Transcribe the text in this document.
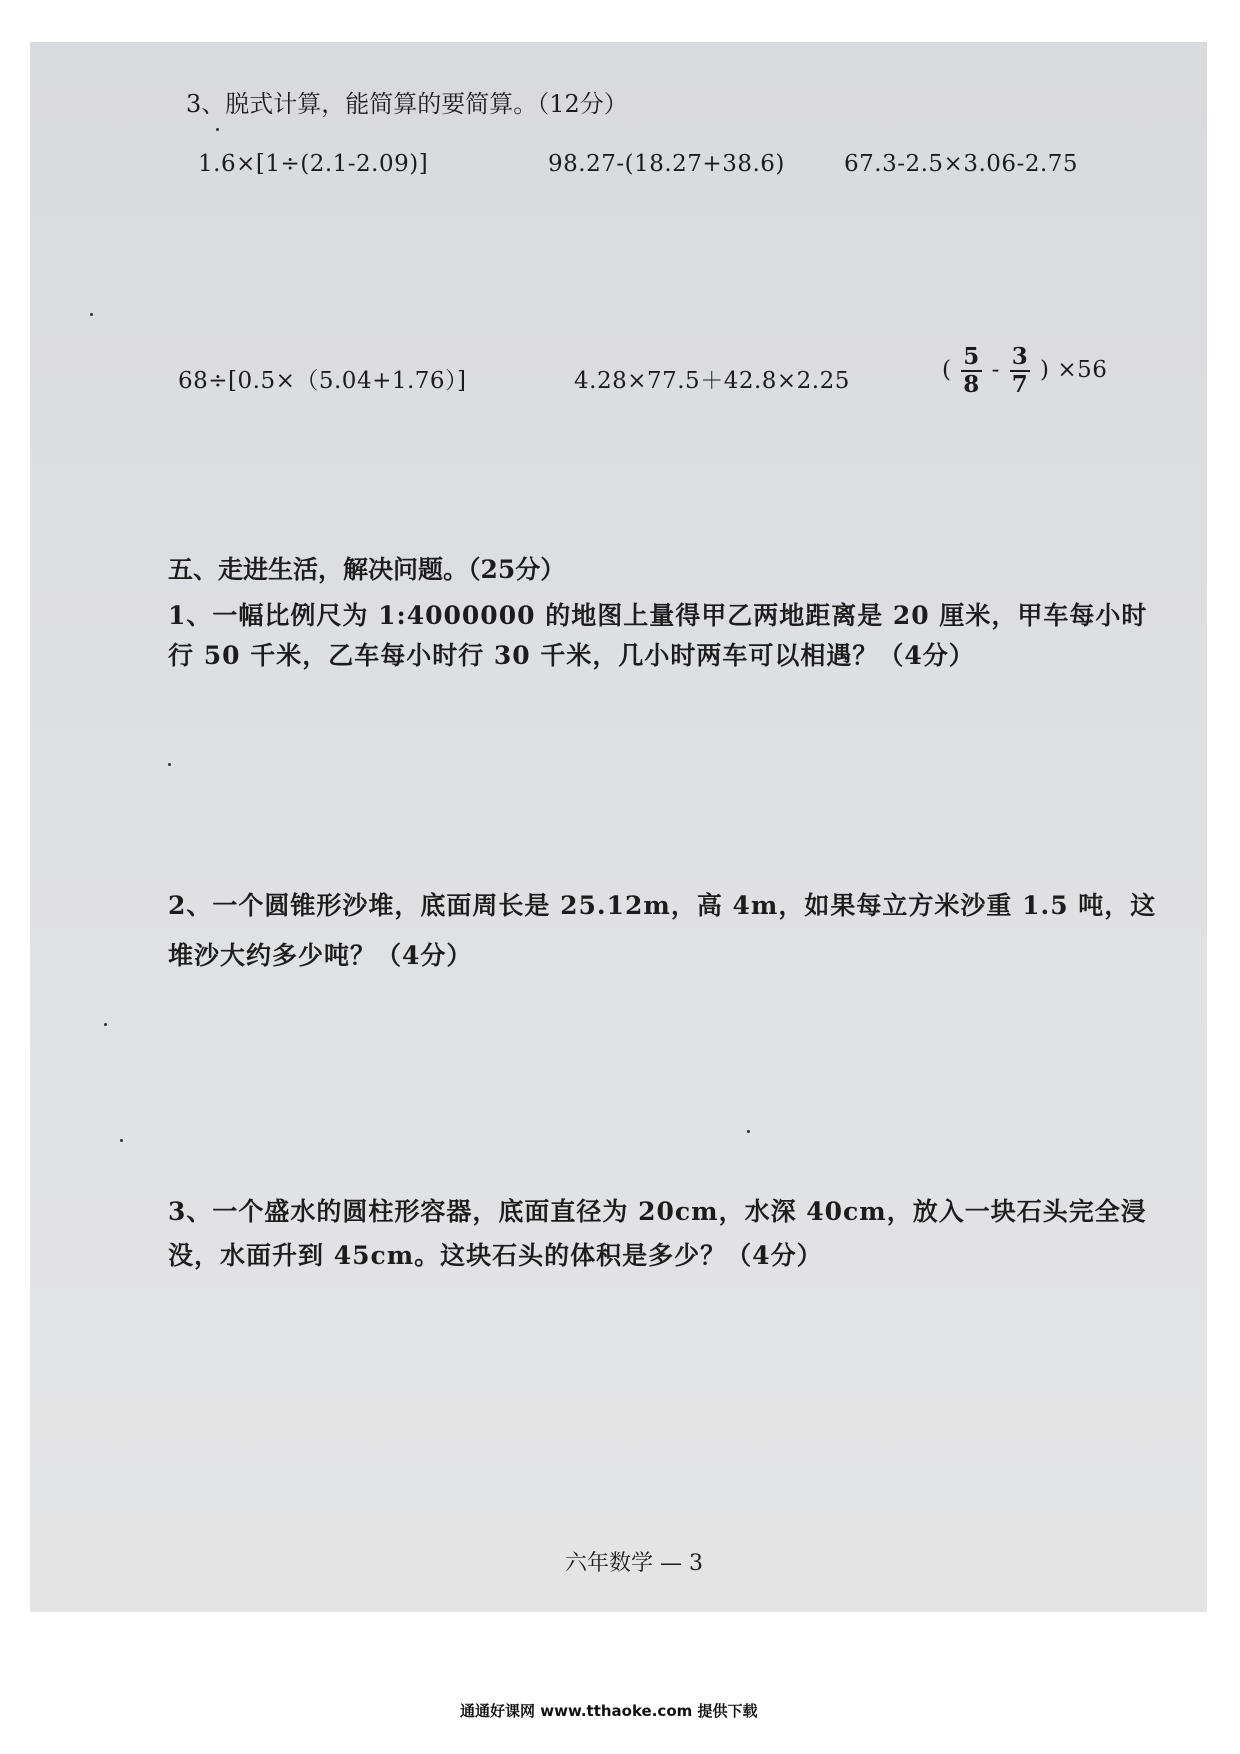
3、脱式计算，能简算的要简算。（12分）
1.6×[1÷(2.1-2.09)]	98.27-(18.27+38.6)	67.3-2.5×3.06-2.75
68÷[0.5×（5.04+1.76）]	4.28×77.5＋42.8×2.25	( $\frac{5}{8} - \frac{3}{7}$ ) ×56
五、走进生活，解决问题。（25分）
1、一幅比例尺为 1:4000000 的地图上量得甲乙两地距离是 20 厘米，甲车每小时
行 50 千米，乙车每小时行 30 千米，几小时两车可以相遇？（4分）
2、一个圆锥形沙堆，底面周长是 25.12m，高 4m，如果每立方米沙重 1.5 吨，这
堆沙大约多少吨？（4分）
3、一个盛水的圆柱形容器，底面直径为 20cm，水深 40cm，放入一块石头完全浸
没，水面升到 45cm。这块石头的体积是多少？（4分）
六年数学 — 3
通通好课网 www.tthaoke.com 提供下载
